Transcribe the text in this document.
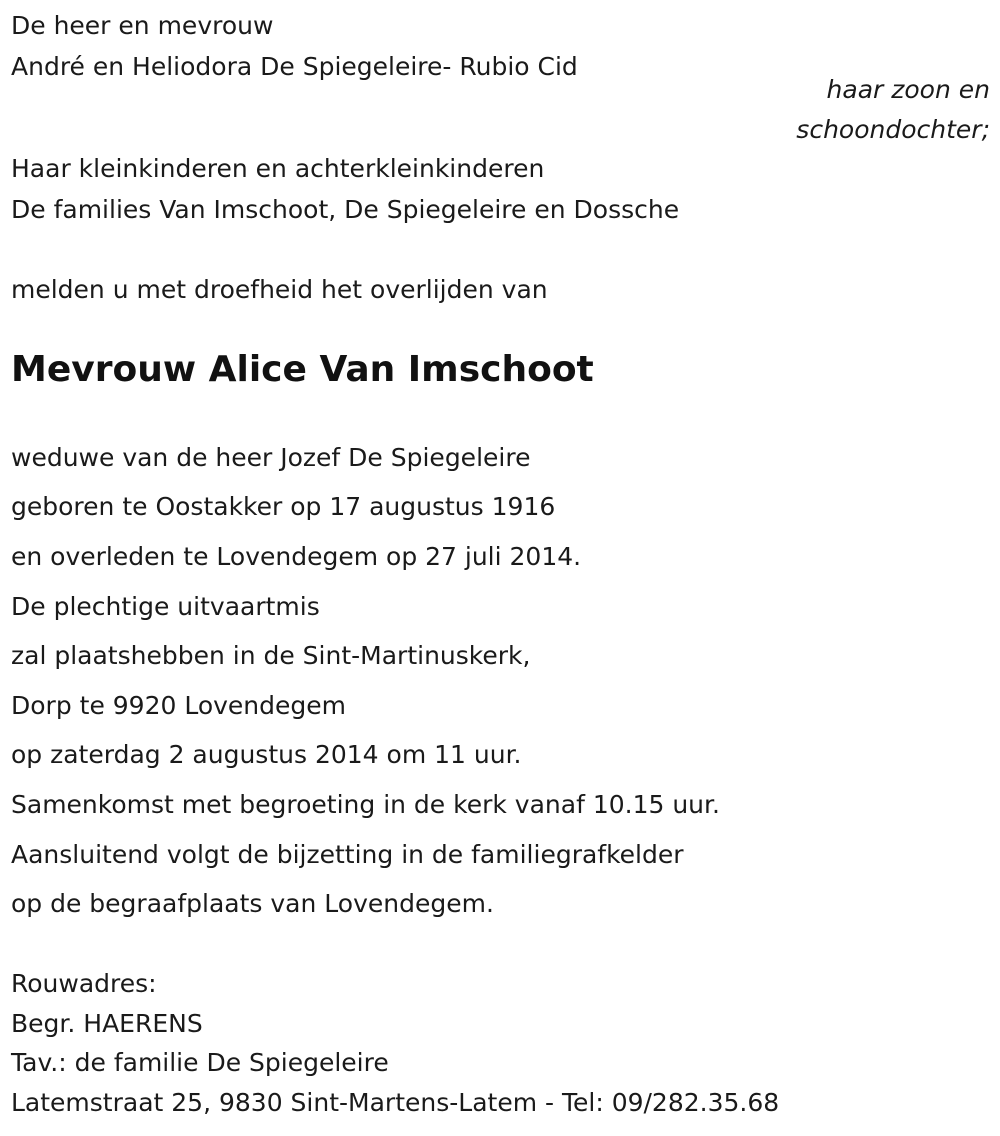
De heer en mevrouw
André en Heliodora De Spiegeleire- Rubio Cid
haar zoon en
schoondochter;
Haar kleinkinderen en achterkleinkinderen
De families Van Imschoot, De Spiegeleire en Dossche
melden u met droefheid het overlijden van
Mevrouw Alice Van Imschoot
weduwe van de heer Jozef De Spiegeleire
geboren te Oostakker op 17 augustus 1916
en overleden te Lovendegem op 27 juli 2014.
De plechtige uitvaartmis
zal plaatshebben in de Sint-Martinuskerk,
Dorp te 9920 Lovendegem
op zaterdag 2 augustus 2014 om 11 uur.
Samenkomst met begroeting in de kerk vanaf 10.15 uur.
Aansluitend volgt de bijzetting in de familiegrafkelder
op de begraafplaats van Lovendegem.
Rouwadres:
Begr. HAERENS
Tav.: de familie De Spiegeleire
Latemstraat 25, 9830 Sint-Martens-Latem - Tel: 09/282.35.68
